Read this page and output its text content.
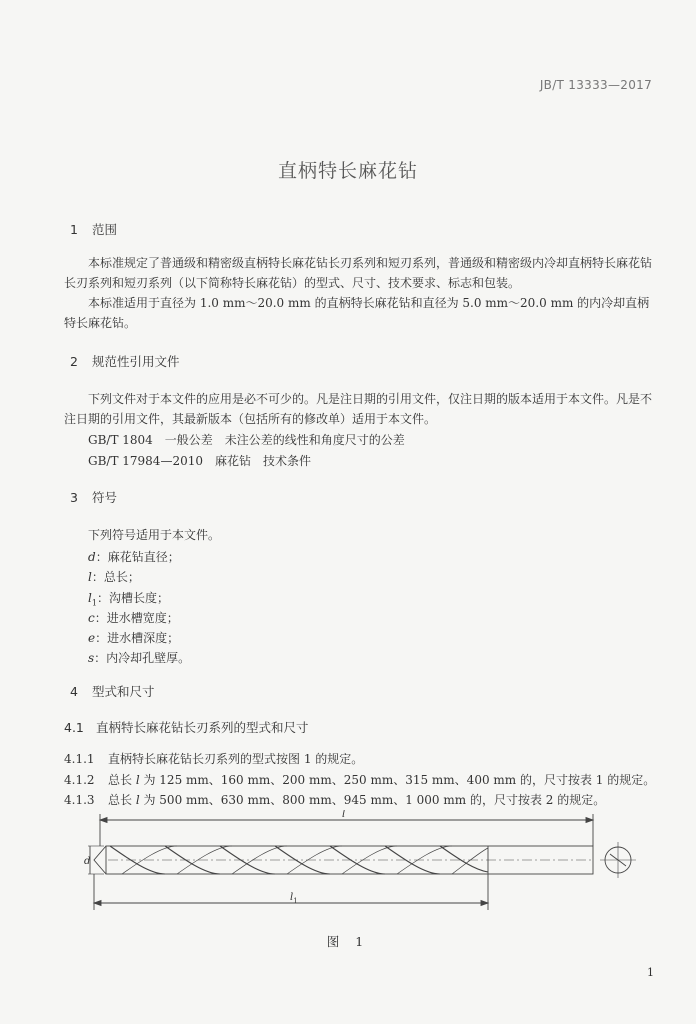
JB/T 13333—2017
直柄特长麻花钻
1 范围
本标准规定了普通级和精密级直柄特长麻花钻长刃系列和短刃系列，普通级和精密级内冷却直柄特长麻花钻长刃系列和短刃系列（以下简称特长麻花钻）的型式、尺寸、技术要求、标志和包装。
本标准适用于直径为 1.0 mm～20.0 mm 的直柄特长麻花钻和直径为 5.0 mm～20.0 mm 的内冷却直柄特长麻花钻。
2 规范性引用文件
下列文件对于本文件的应用是必不可少的。凡是注日期的引用文件，仅注日期的版本适用于本文件。凡是不注日期的引用文件，其最新版本（包括所有的修改单）适用于本文件。
GB/T 1804　一般公差　未注公差的线性和角度尺寸的公差
GB/T 17984—2010　麻花钻　技术条件
3 符号
下列符号适用于本文件。
d：麻花钻直径；
l：总长；
$l_1$：沟槽长度；
c：进水槽宽度；
e：进水槽深度；
s：内冷却孔壁厚。
4 型式和尺寸
4.1 直柄特长麻花钻长刃系列的型式和尺寸
4.1.1 直柄特长麻花钻长刃系列的型式按图 1 的规定。
4.1.2 总长 l 为 125 mm、160 mm、200 mm、250 mm、315 mm、400 mm 的，尺寸按表 1 的规定。
4.1.3 总长 l 为 500 mm、630 mm、800 mm、945 mm、1 000 mm 的，尺寸按表 2 的规定。
l
d
$l_1$
图 1
1
